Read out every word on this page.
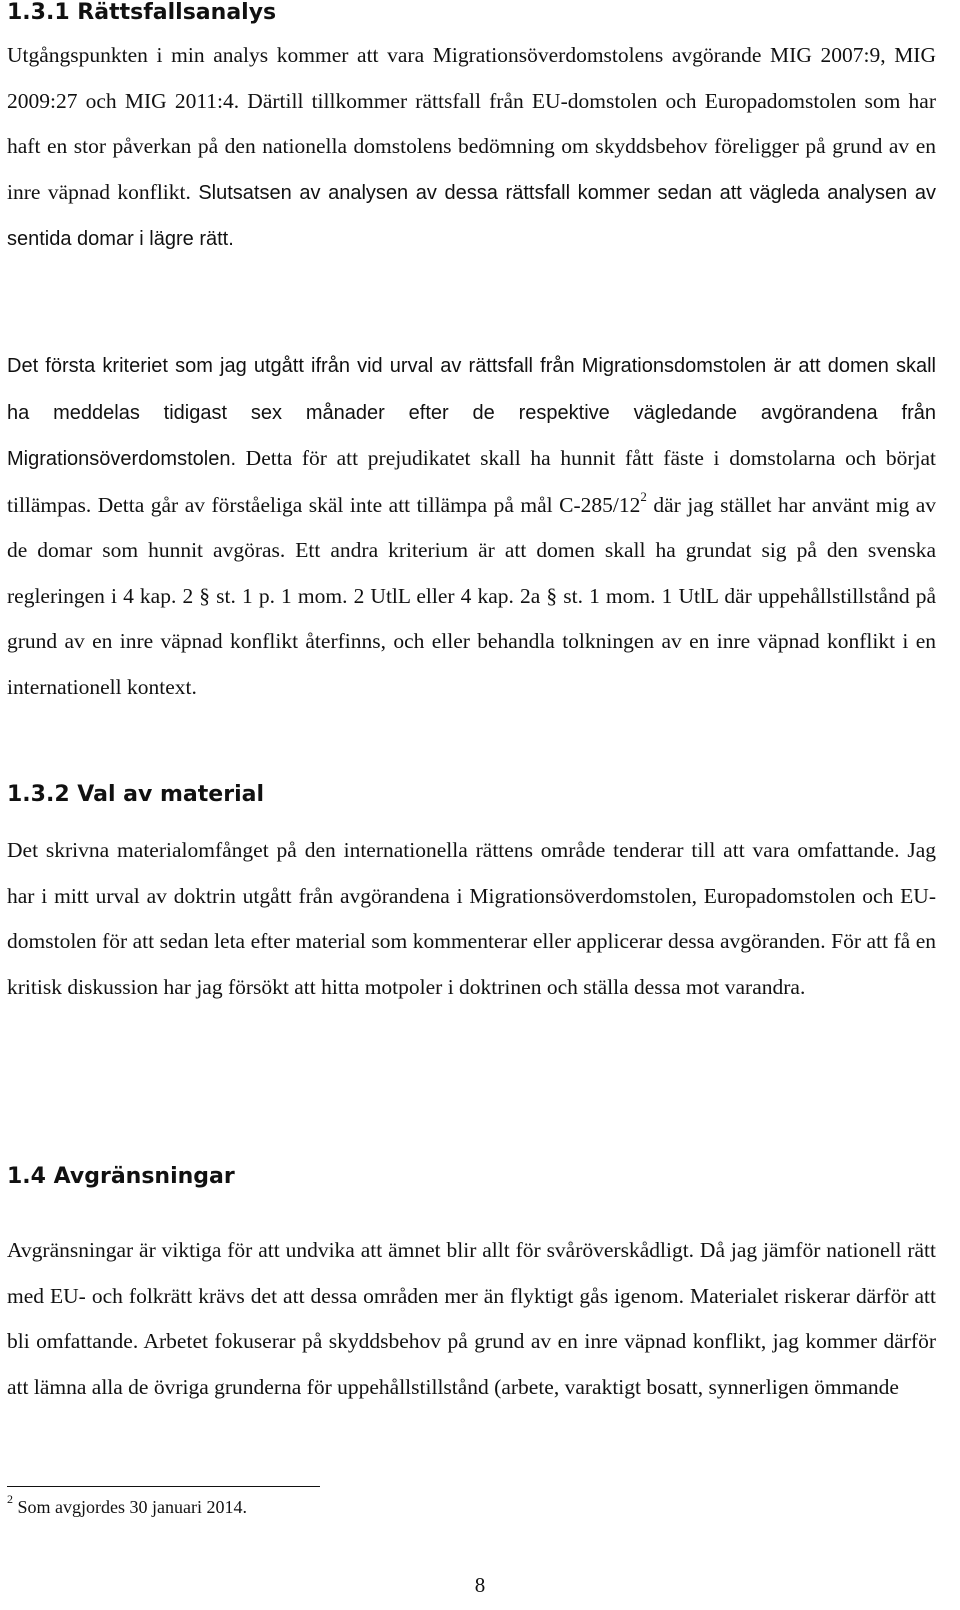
1.3.1 Rättsfallsanalys

Utgångspunkten i min analys kommer att vara Migrationsöverdomstolens avgörande MIG 2007:9, MIG 2009:27 och MIG 2011:4. Därtill tillkommer rättsfall från EU-domstolen och Europadomstolen som har haft en stor påverkan på den nationella domstolens bedömning om skyddsbehov föreligger på grund av en inre väpnad konflikt. Slutsatsen av analysen av dessa rättsfall kommer sedan att vägleda analysen av sentida domar i lägre rätt.

Det första kriteriet som jag utgått ifrån vid urval av rättsfall från Migrationsdomstolen är att domen skall ha meddelas tidigast sex månader efter de respektive vägledande avgörandena från Migrationsöverdomstolen. Detta för att prejudikatet skall ha hunnit fått fäste i domstolarna och börjat tillämpas. Detta går av förståeliga skäl inte att tillämpa på mål $C-285/12^2$ där jag stället har använt mig av de domar som hunnit avgöras. Ett andra kriterium är att domen skall ha grundat sig på den svenska regleringen i 4 kap. 2 § st. 1 p. 1 mom. 2 UtlL eller 4 kap. 2a § st. 1 mom. 1 UtlL där uppehållstillstånd på grund av en inre väpnad konflikt återfinns, och eller behandla tolkningen av en inre väpnad konflikt i en internationell kontext.

1.3.2 Val av material

Det skrivna materialomfånget på den internationella rättens område tenderar till att vara omfattande. Jag har i mitt urval av doktrin utgått från avgörandena i Migrationsöverdomstolen, Europadomstolen och EU-domstolen för att sedan leta efter material som kommenterar eller applicerar dessa avgöranden. För att få en kritisk diskussion har jag försökt att hitta motpoler i doktrinen och ställa dessa mot varandra.

1.4 Avgränsningar

Avgränsningar är viktiga för att undvika att ämnet blir allt för svåröverskådligt. Då jag jämför nationell rätt med EU- och folkrätt krävs det att dessa områden mer än flyktigt gås igenom. Materialet riskerar därför att bli omfattande. Arbetet fokuserar på skyddsbehov på grund av en inre väpnad konflikt, jag kommer därför att lämna alla de övriga grunderna för uppehållstillstånd (arbete, varaktigt bosatt, synnerligen ömmande

$^2$ Som avgjordes 30 januari 2014.

8
